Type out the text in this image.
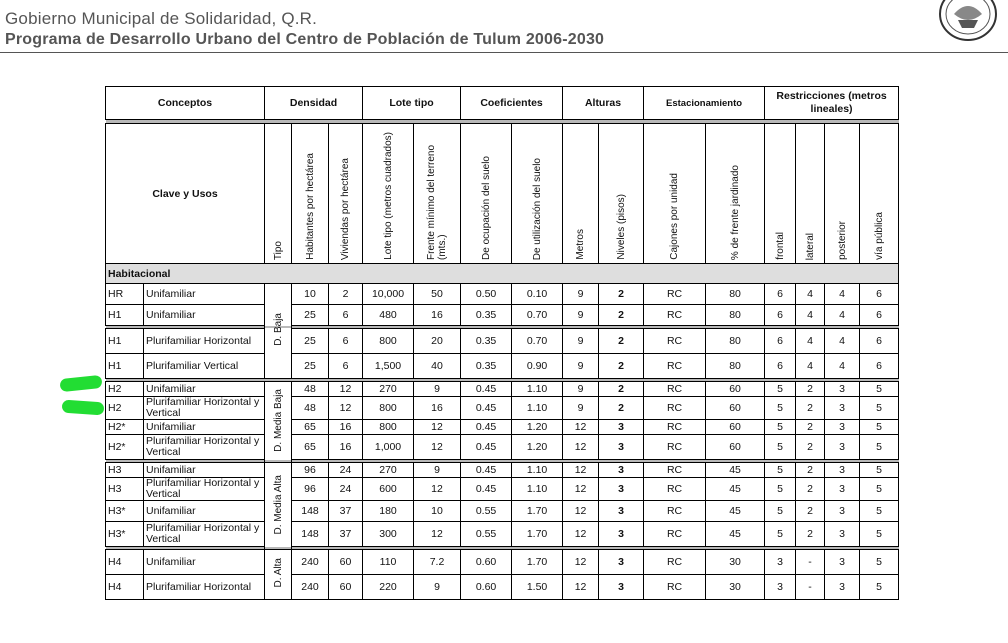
Gobierno Municipal de Solidaridad, Q.R.
Programa de Desarrollo Urbano del Centro de Población de Tulum 2006-2030
Conceptos		Densidad			Lote tipo		Coeficientes		Alturas		Estacionamiento		Restricciones (metros lineales)			

Clave y Usos		Tipo	Habitantes por hectárea	Viviendas por hectárea	Lote tipo (metros cuadrados)	Frente mínimo del terreno (mts.)	De ocupación del suelo	De utilización del suelo	Metros	Niveles (pisos)	Cajones por unidad	% de frente jardinado	frontal	lateral	posterior	vía pública
Habitacional																
HR	Unifamiliar	D. Baja	10	2	10,000	50	0.50	0.10	9	2	RC	80	6	4	4	6
H1	Unifamiliar		25	6	480	16	0.35	0.70	9	2	RC	80	6	4	4	6

H1	Plurifamiliar Horizontal		25	6	800	20	0.35	0.70	9	2	RC	80	6	4	4	6
H1	Plurifamiliar Vertical		25	6	1,500	40	0.35	0.90	9	2	RC	80	6	4	4	6

H2	Unifamiliar	D. Media Baja	48	12	270	9	0.45	1.10	9	2	RC	60	5	2	3	5
H2	Plurifamiliar Horizontal y Vertical		48	12	800	16	0.45	1.10	9	2	RC	60	5	2	3	5
H2*	Unifamiliar		65	16	800	12	0.45	1.20	12	3	RC	60	5	2	3	5
H2*	Plurifamiliar Horizontal y Vertical		65	16	1,000	12	0.45	1.20	12	3	RC	60	5	2	3	5

H3	Unifamiliar	D. Media Alta	96	24	270	9	0.45	1.10	12	3	RC	45	5	2	3	5
H3	Plurifamiliar Horizontal y Vertical		96	24	600	12	0.45	1.10	12	3	RC	45	5	2	3	5
H3*	Unifamiliar		148	37	180	10	0.55	1.70	12	3	RC	45	5	2	3	5
H3*	Plurifamiliar Horizontal y Vertical		148	37	300	12	0.55	1.70	12	3	RC	45	5	2	3	5

H4	Unifamiliar	D. Alta	240	60	110	7.2	0.60	1.70	12	3	RC	30	3	-	3	5
H4	Plurifamiliar Horizontal		240	60	220	9	0.60	1.50	12	3	RC	30	3	-	3	5
